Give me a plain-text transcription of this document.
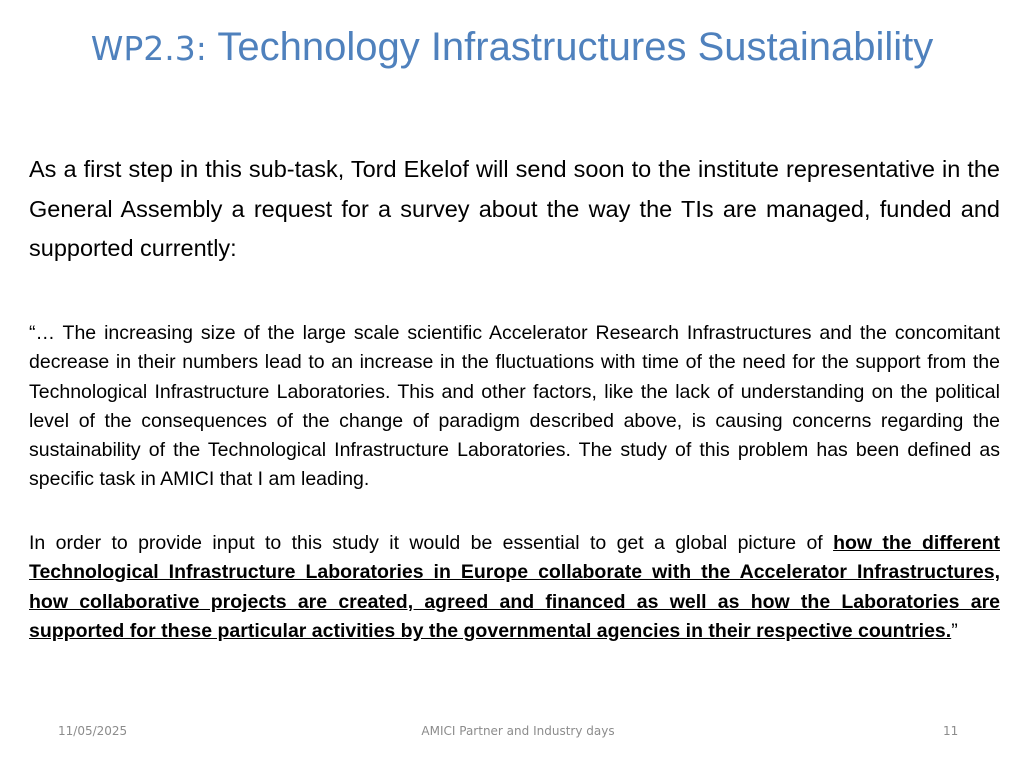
WP2.3: Technology Infrastructures Sustainability

As a first step in this sub-task, Tord Ekelof will send soon to the institute representative in the General Assembly a request for a survey about the way the TIs are managed, funded and supported currently:

“… The increasing size of the large scale scientific Accelerator Research Infrastructures and the concomitant decrease in their numbers lead to an increase in the fluctuations with time of the need for the support from the Technological Infrastructure Laboratories. This and other factors, like the lack of understanding on the political level of the consequences of the change of paradigm described above, is causing concerns regarding the sustainability of the Technological Infrastructure Laboratories. The study of this problem has been defined as specific task in AMICI that I am leading.

In order to provide input to this study it would be essential to get a global picture of how the different Technological Infrastructure Laboratories in Europe collaborate with the Accelerator Infrastructures, how collaborative projects are created, agreed and financed as well as how the Laboratories are supported for these particular activities by the governmental agencies in their respective countries.”

11/05/2025	AMICI Partner and Industry days	11
